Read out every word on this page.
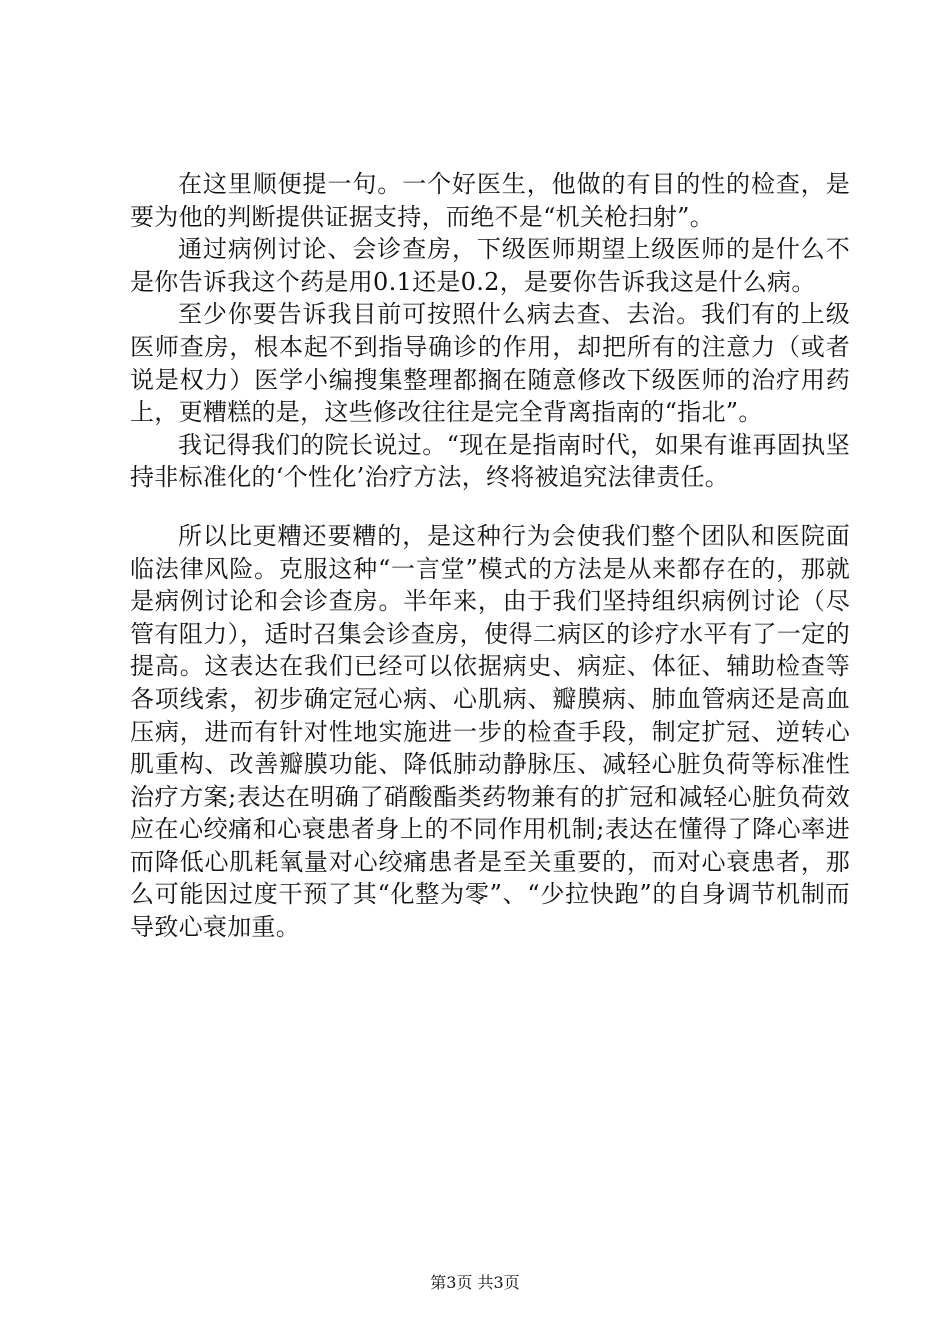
在这里顺便提一句。一个好医生，他做的有目的性的检查，是要为他的判断提供证据支持，而绝不是“机关枪扫射”。

通过病例讨论、会诊查房，下级医师期望上级医师的是什么不是你告诉我这个药是用0.1还是0.2，是要你告诉我这是什么病。

至少你要告诉我目前可按照什么病去查、去治。我们有的上级医师查房，根本起不到指导确诊的作用，却把所有的注意力（或者说是权力）医学小编搜集整理都搁在随意修改下级医师的治疗用药上，更糟糕的是，这些修改往往是完全背离指南的“指北”。

我记得我们的院长说过。“现在是指南时代，如果有谁再固执坚持非标准化的‘个性化’治疗方法，终将被追究法律责任。

所以比更糟还要糟的，是这种行为会使我们整个团队和医院面临法律风险。克服这种“一言堂”模式的方法是从来都存在的，那就是病例讨论和会诊查房。半年来，由于我们坚持组织病例讨论（尽管有阻力），适时召集会诊查房，使得二病区的诊疗水平有了一定的提高。这表达在我们已经可以依据病史、病症、体征、辅助检查等各项线索，初步确定冠心病、心肌病、瓣膜病、肺血管病还是高血压病，进而有针对性地实施进一步的检查手段，制定扩冠、逆转心肌重构、改善瓣膜功能、降低肺动静脉压、减轻心脏负荷等标准性治疗方案;表达在明确了硝酸酯类药物兼有的扩冠和减轻心脏负荷效应在心绞痛和心衰患者身上的不同作用机制;表达在懂得了降心率进而降低心肌耗氧量对心绞痛患者是至关重要的，而对心衰患者，那么可能因过度干预了其“化整为零”、“少拉快跑”的自身调节机制而导致心衰加重。

第3页 共3页
